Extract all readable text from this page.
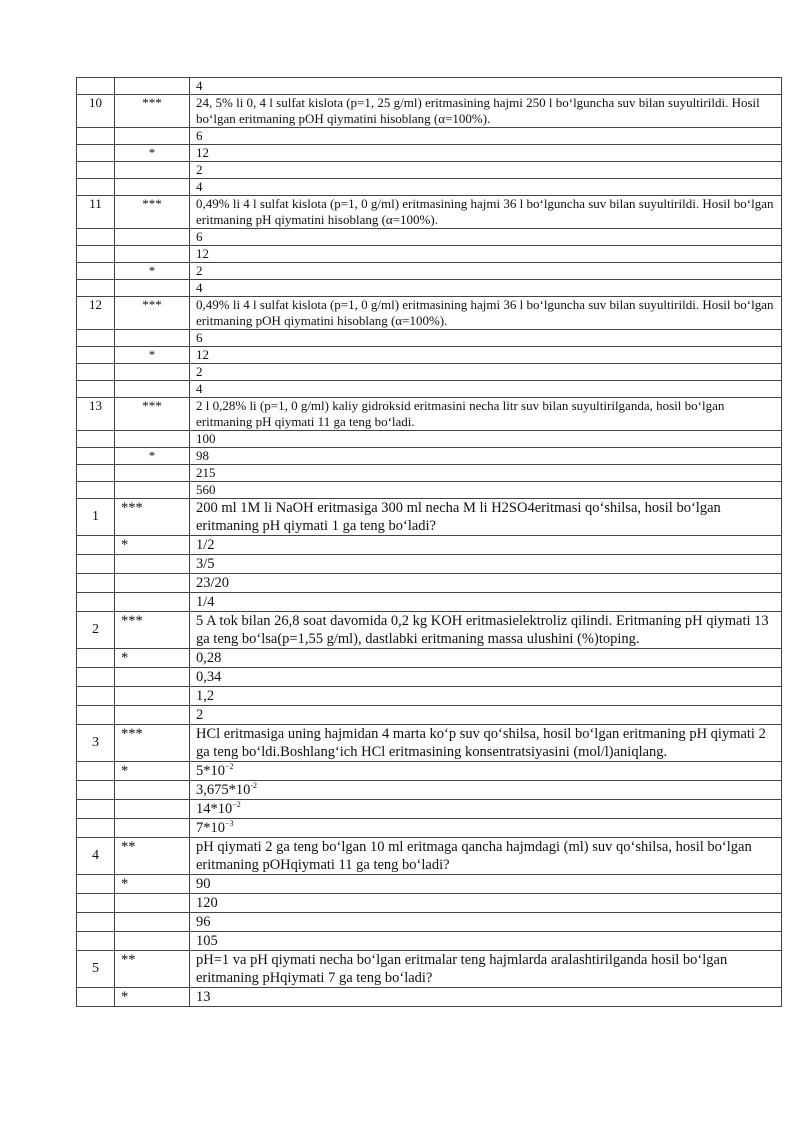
		4
10	***	24, 5% li 0, 4 l sulfat kislota (p=1, 25 g/ml) eritmasining hajmi 250 l bo‘lguncha suv bilan suyultirildi. Hosil bo‘lgan eritmaning pOH qiymatini hisoblang (α=100%).
		6
	*	12
		2
		4
11	***	0,49% li 4 l sulfat kislota (p=1, 0 g/ml) eritmasining hajmi 36 l bo‘lguncha suv bilan suyultirildi. Hosil bo‘lgan eritmaning pH qiymatini hisoblang (α=100%).
		6
		12
	*	2
		4
12	***	0,49% li 4 l sulfat kislota (p=1, 0 g/ml) eritmasining hajmi 36 l bo‘lguncha suv bilan suyultirildi. Hosil bo‘lgan eritmaning pOH qiymatini hisoblang (α=100%).
		6
	*	12
		2
		4
13	***	2 l 0,28% li (p=1, 0 g/ml) kaliy gidroksid eritmasini necha litr suv bilan suyultirilganda, hosil bo‘lgan eritmaning pH qiymati 11 ga teng bo‘ladi.
		100
	*	98
		215
		560
1	***	200 ml 1M li NaOH eritmasiga 300 ml necha M li H2SO4eritmasi qo‘shilsa, hosil bo‘lgan eritmaning pH qiymati 1 ga teng bo‘ladi?
	*	1/2
		3/5
		23/20
		1/4
2	***	5 A tok bilan 26,8 soat davomida 0,2 kg KOH eritmasielektroliz qilindi. Eritmaning pH qiymati 13 ga teng bo‘lsa(p=1,55 g/ml), dastlabki eritmaning massa ulushini (%)toping.
	*	0,28
		0,34
		1,2
		2
3	***	HCl eritmasiga uning hajmidan 4 marta ko‘p suv qo‘shilsa, hosil bo‘lgan eritmaning pH qiymati 2 ga teng bo‘ldi.Boshlang‘ich HCl eritmasining konsentratsiyasini (mol/l)aniqlang.
	*	$5*10^{-2}$
		$3,675*10^{-2}$
		$14*10^{-2}$
		$7*10^{-3}$
4	**	pH qiymati 2 ga teng bo‘lgan 10 ml eritmaga qancha hajmdagi (ml) suv qo‘shilsa, hosil bo‘lgan eritmaning pOHqiymati 11 ga teng bo‘ladi?
	*	90
		120
		96
		105
5	**	pH=1 va pH qiymati necha bo‘lgan eritmalar teng hajmlarda aralashtirilganda hosil bo‘lgan eritmaning pHqiymati 7 ga teng bo‘ladi?
	*	13
